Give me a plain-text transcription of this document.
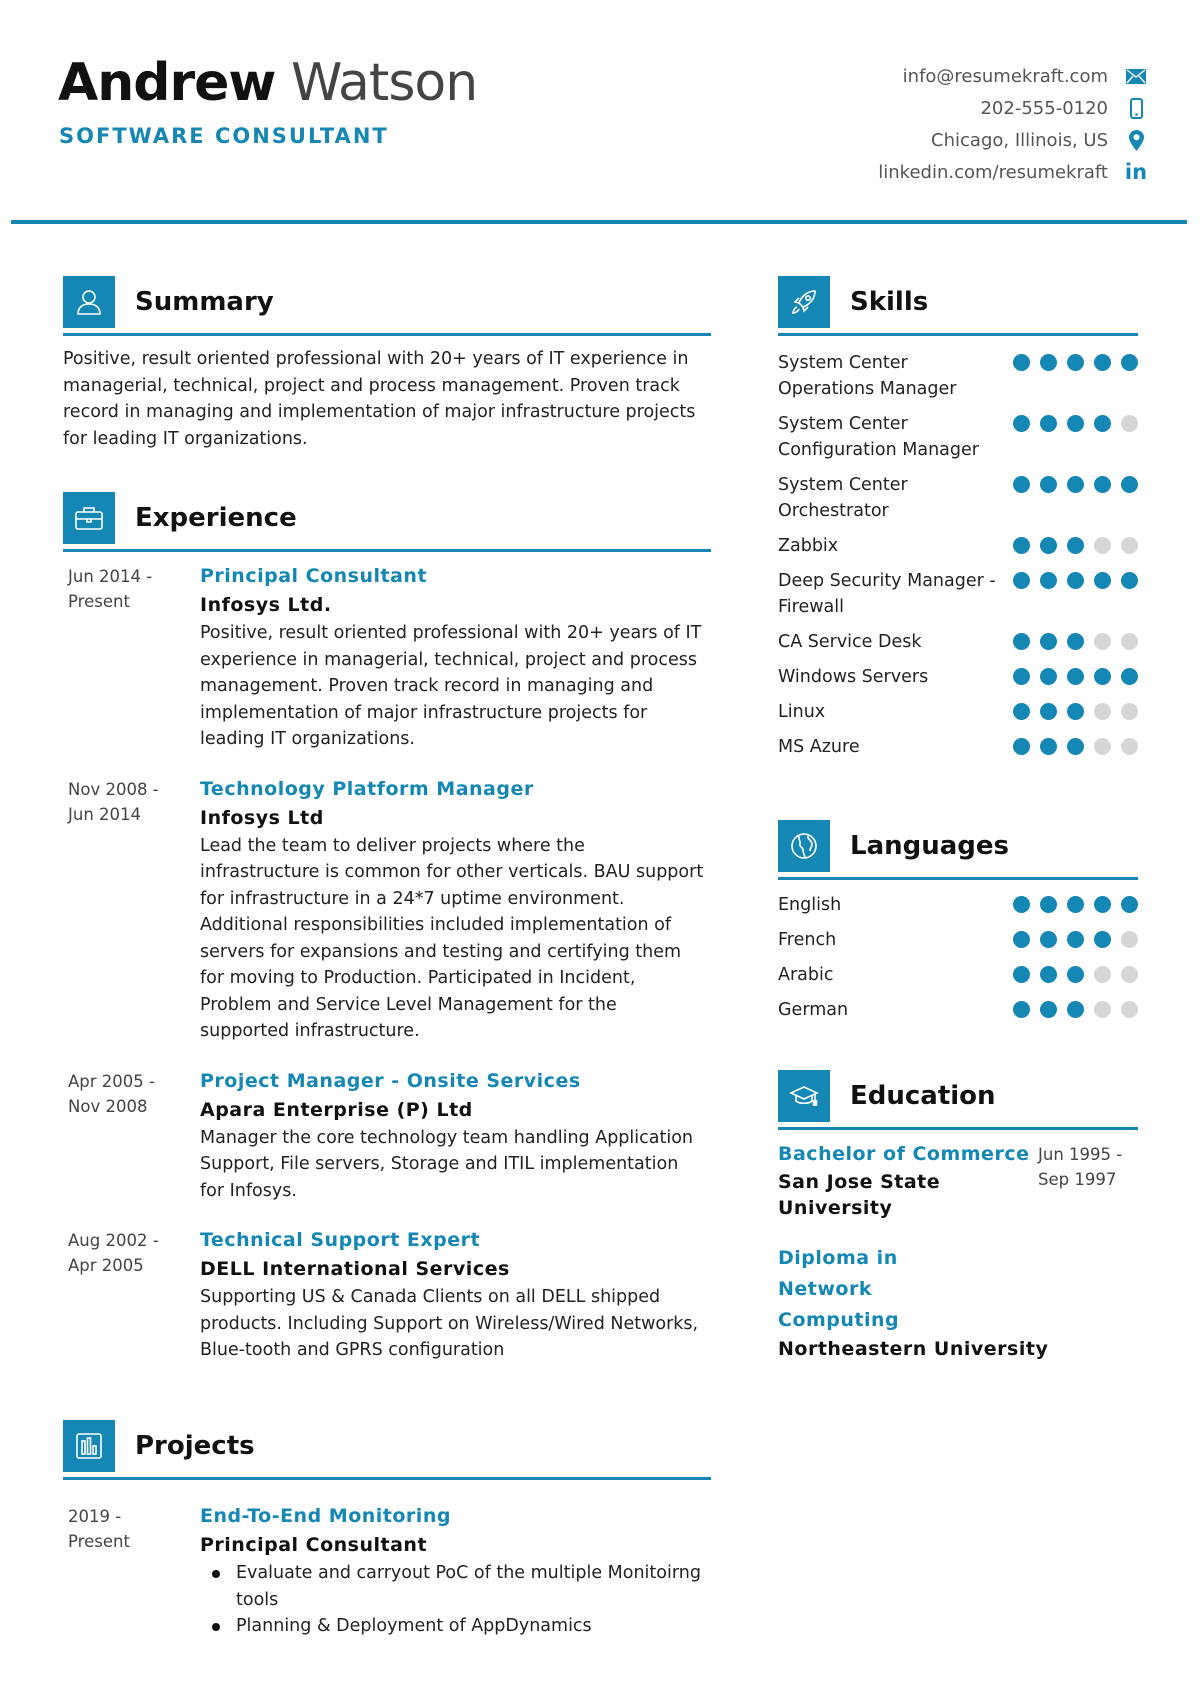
Andrew Watson
SOFTWARE CONSULTANT
info@resumekraft.com
202-555-0120
Chicago, Illinois, US
linkedin.com/resumekraft in
Summary

Positive, result oriented professional with 20+ years of IT experience in managerial, technical, project and process management. Proven track record in managing and implementation of major infrastructure projects for leading IT organizations.

Experience
Jun 2014 -
Present
Principal Consultant
Infosys Ltd.

Positive, result oriented professional with 20+ years of IT experience in managerial, technical, project and process management. Proven track record in managing and implementation of major infrastructure projects for leading IT organizations.

Nov 2008 -
Jun 2014
Technology Platform Manager
Infosys Ltd

Lead the team to deliver projects where the infrastructure is common for other verticals. BAU support for infrastructure in a 24*7 uptime environment. Additional responsibilities included implementation of servers for expansions and testing and certifying them for moving to Production. Participated in Incident, Problem and Service Level Management for the supported infrastructure.

Apr 2005 -
Nov 2008
Project Manager - Onsite Services
Apara Enterprise (P) Ltd

Manager the core technology team handling Application Support, File servers, Storage and ITIL implementation for Infosys.

Aug 2002 -
Apr 2005
Technical Support Expert
DELL International Services

Supporting US & Canada Clients on all DELL shipped products. Including Support on Wireless/Wired Networks, Blue-tooth and GPRS configuration

Projects
2019 -
Present
End-To-End Monitoring
Principal Consultant
Evaluate and carryout PoC of the multiple Monitoirng tools
Planning & Deployment of AppDynamics
Skills
System Center Operations Manager
System Center Configuration Manager
System Center Orchestrator
Zabbix
Deep Security Manager - Firewall
CA Service Desk
Windows Servers
Linux
MS Azure
Languages
English
French
Arabic
German
Education
Bachelor of Commerce
San Jose State University
Jun 1995 -
Sep 1997
Diploma in Network Computing
Northeastern University
